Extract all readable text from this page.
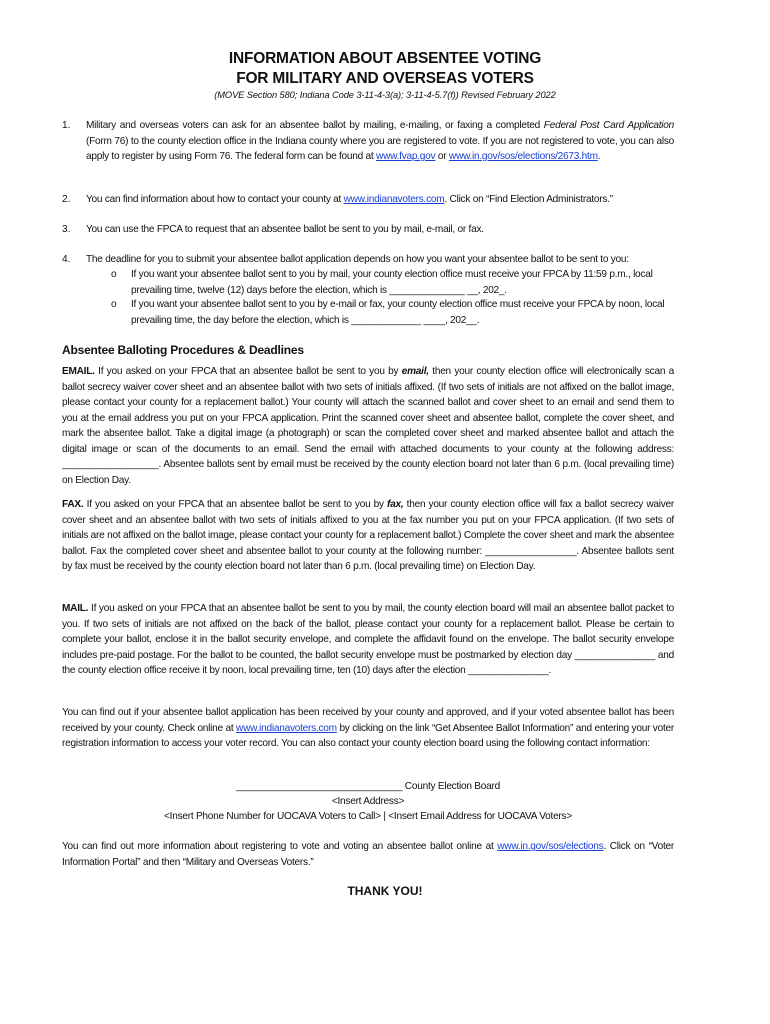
INFORMATION ABOUT ABSENTEE VOTING
FOR MILITARY AND OVERSEAS VOTERS
(MOVE Section 580; Indiana Code 3-11-4-3(a); 3-11-4-5.7(f)) Revised February 2022
1. Military and overseas voters can ask for an absentee ballot by mailing, e-mailing, or faxing a completed Federal Post Card Application (Form 76) to the county election office in the Indiana county where you are registered to vote. If you are not registered to vote, you can also apply to register by using Form 76. The federal form can be found at www.fvap.gov or www.in.gov/sos/elections/2673.htm.
2. You can find information about how to contact your county at www.indianavoters.com. Click on “Find Election Administrators.”
3. You can use the FPCA to request that an absentee ballot be sent to you by mail, e-mail, or fax.
4. The deadline for you to submit your absentee ballot application depends on how you want your absentee ballot to be sent to you:
o If you want your absentee ballot sent to you by mail, your county election office must receive your FPCA by 11:59 p.m., local prevailing time, twelve (12) days before the election, which is ______________ __, 202_.
o If you want your absentee ballot sent to you by e-mail or fax, your county election office must receive your FPCA by noon, local prevailing time, the day before the election, which is _____________ ____, 202__.
Absentee Balloting Procedures & Deadlines
EMAIL. If you asked on your FPCA that an absentee ballot be sent to you by email, then your county election office will electronically scan a ballot secrecy waiver cover sheet and an absentee ballot with two sets of initials affixed. (If two sets of initials are not affixed on the ballot image, please contact your county for a replacement ballot.) Your county will attach the scanned ballot and cover sheet to an email and send them to you at the email address you put on your FPCA application. Print the scanned cover sheet and absentee ballot, complete the cover sheet, and mark the absentee ballot. Take a digital image (a photograph) or scan the completed cover sheet and marked absentee ballot and attach the digital image or scan of the documents to an email. Send the email with attached documents to your county at the following address: __________________. Absentee ballots sent by email must be received by the county election board not later than 6 p.m. (local prevailing time) on Election Day.
FAX. If you asked on your FPCA that an absentee ballot be sent to you by fax, then your county election office will fax a ballot secrecy waiver cover sheet and an absentee ballot with two sets of initials affixed to you at the fax number you put on your FPCA application. (If two sets of initials are not affixed on the ballot image, please contact your county for a replacement ballot.) Complete the cover sheet and mark the absentee ballot. Fax the completed cover sheet and absentee ballot to your county at the following number: _________________. Absentee ballots sent by fax must be received by the county election board not later than 6 p.m. (local prevailing time) on Election Day.
MAIL. If you asked on your FPCA that an absentee ballot be sent to you by mail, the county election board will mail an absentee ballot packet to you. If two sets of initials are not affixed on the back of the ballot, please contact your county for a replacement ballot. Please be certain to complete your ballot, enclose it in the ballot security envelope, and complete the affidavit found on the envelope. The ballot security envelope includes pre-paid postage. For the ballot to be counted, the ballot security envelope must be postmarked by election day _______________ and the county election office receive it by noon, local prevailing time, ten (10) days after the election _______________.
You can find out if your absentee ballot application has been received by your county and approved, and if your voted absentee ballot has been received by your county. Check online at www.indianavoters.com by clicking on the link “Get Absentee Ballot Information” and entering your voter registration information to access your voter record. You can also contact your county election board using the following contact information:
_______________________________ County Election Board
<Insert Address>
<Insert Phone Number for UOCAVA Voters to Call> | <Insert Email Address for UOCAVA Voters>
You can find out more information about registering to vote and voting an absentee ballot online at www.in.gov/sos/elections. Click on “Voter Information Portal” and then “Military and Overseas Voters.”
THANK YOU!
